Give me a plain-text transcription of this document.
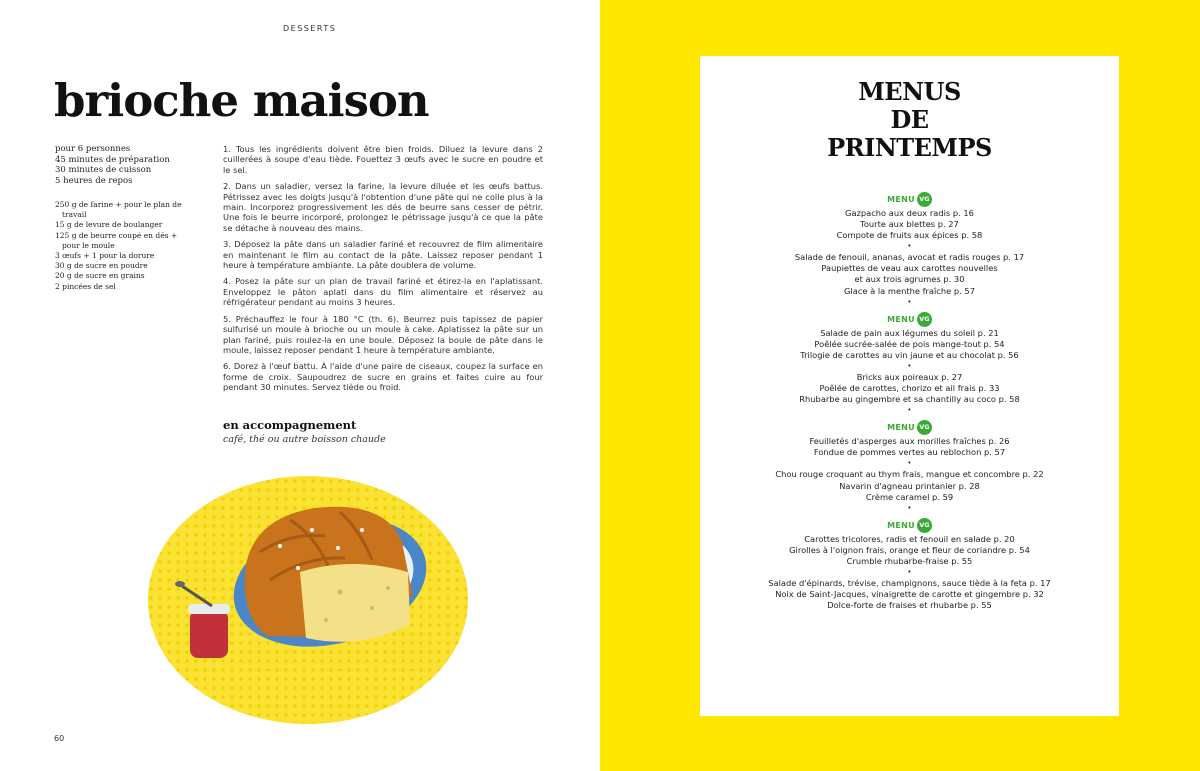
DESSERTS
brioche maison
pour 6 personnes
45 minutes de préparation
30 minutes de cuisson
5 heures de repos
250 g de farine + pour le plan de travail
15 g de levure de boulanger
125 g de beurre coupé en dés + pour le moule
3 œufs + 1 pour la dorure
30 g de sucre en poudre
20 g de sucre en grains
2 pincées de sel

1. Tous les ingrédients doivent être bien froids. Diluez la levure dans 2 cuillerées à soupe d'eau tiède. Fouettez 3 œufs avec le sucre en poudre et le sel.

2. Dans un saladier, versez la farine, la levure diluée et les œufs battus. Pétrissez avec les doigts jusqu'à l'obtention d'une pâte qui ne colle plus à la main. Incorporez progressivement les dés de beurre sans cesser de pétrir. Une fois le beurre incorporé, prolongez le pétrissage jusqu'à ce que la pâte se détache à nouveau des mains.

3. Déposez la pâte dans un saladier fariné et recouvrez de film alimentaire en maintenant le film au contact de la pâte. Laissez reposer pendant 1 heure à température ambiante. La pâte doublera de volume.

4. Posez la pâte sur un plan de travail fariné et étirez-la en l'aplatissant. Enveloppez le pâton aplati dans du film alimentaire et réservez au réfrigérateur pendant au moins 3 heures.

5. Préchauffez le four à 180 °C (th. 6). Beurrez puis tapissez de papier sulfurisé un moule à brioche ou un moule à cake. Aplatissez la pâte sur un plan fariné, puis roulez-la en une boule. Déposez la boule de pâte dans le moule, laissez reposer pendant 1 heure à température ambiante.

6. Dorez à l'œuf battu. À l'aide d'une paire de ciseaux, coupez la surface en forme de croix. Saupoudrez de sucre en grains et faites cuire au four pendant 30 minutes. Servez tiède ou froid.

en accompagnement
café, thé ou autre boisson chaude
60
MENUS
DE
PRINTEMPS
MENU VG
Gazpacho aux deux radis p. 16
Tourte aux blettes p. 27
Compote de fruits aux épices p. 58
•
Salade de fenouil, ananas, avocat et radis rouges p. 17
Paupiettes de veau aux carottes nouvelles
et aux trois agrumes p. 30
Glace à la menthe fraîche p. 57
•
MENU VG
Salade de pain aux légumes du soleil p. 21
Poêlée sucrée-salée de pois mange-tout p. 54
Trilogie de carottes au vin jaune et au chocolat p. 56
•
Bricks aux poireaux p. 27
Poêlée de carottes, chorizo et ail frais p. 33
Rhubarbe au gingembre et sa chantilly au coco p. 58
•
MENU VG
Feuilletés d'asperges aux morilles fraîches p. 26
Fondue de pommes vertes au reblochon p. 57
•
Chou rouge croquant au thym frais, mangue et concombre p. 22
Navarin d'agneau printanier p. 28
Crème caramel p. 59
•
MENU VG
Carottes tricolores, radis et fenouil en salade p. 20
Girolles à l'oignon frais, orange et fleur de coriandre p. 54
Crumble rhubarbe-fraise p. 55
•
Salade d'épinards, trévise, champignons, sauce tiède à la feta p. 17
Noix de Saint-Jacques, vinaigrette de carotte et gingembre p. 32
Dolce-forte de fraises et rhubarbe p. 55
